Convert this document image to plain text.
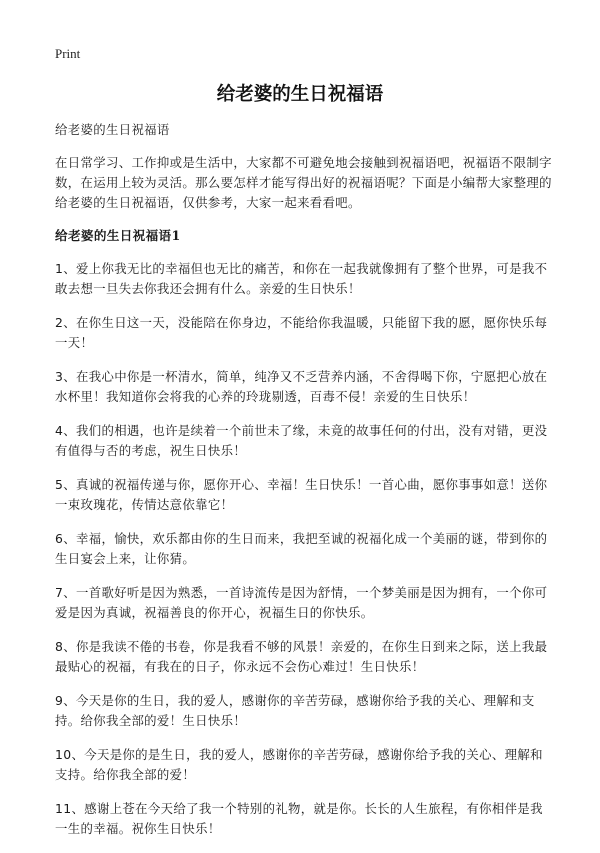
Print
给老婆的生日祝福语

给老婆的生日祝福语

在日常学习、工作抑或是生活中，大家都不可避免地会接触到祝福语吧，祝福语不限制字数，在运用上较为灵活。那么要怎样才能写得出好的祝福语呢？下面是小编帮大家整理的给老婆的生日祝福语，仅供参考，大家一起来看看吧。

给老婆的生日祝福语1

1、爱上你我无比的幸福但也无比的痛苦，和你在一起我就像拥有了整个世界，可是我不敢去想一旦失去你我还会拥有什么。亲爱的生日快乐！

2、在你生日这一天，没能陪在你身边，不能给你我温暖，只能留下我的愿，愿你快乐每一天！

3、在我心中你是一杯清水，简单，纯净又不乏营养内涵，不舍得喝下你，宁愿把心放在水杯里！我知道你会将我的心养的玲珑剔透，百毒不侵！亲爱的生日快乐！

4、我们的相遇，也许是续着一个前世未了缘，未竟的故事任何的付出，没有对错，更没有值得与否的考虑，祝生日快乐！

5、真诚的祝福传递与你，愿你开心、幸福！生日快乐！一首心曲，愿你事事如意！送你一束玫瑰花，传情达意依靠它！

6、幸福，愉快，欢乐都由你的生日而来，我把至诚的祝福化成一个美丽的谜，带到你的生日宴会上来，让你猜。

7、一首歌好听是因为熟悉，一首诗流传是因为舒情，一个梦美丽是因为拥有，一个你可爱是因为真诚，祝福善良的你开心，祝福生日的你快乐。

8、你是我读不倦的书卷，你是我看不够的风景！亲爱的，在你生日到来之际，送上我最最贴心的祝福，有我在的日子，你永远不会伤心难过！生日快乐！

9、今天是你的生日，我的爱人，感谢你的辛苦劳碌，感谢你给予我的关心、理解和支持。给你我全部的爱！生日快乐！

10、今天是你的是生日，我的爱人，感谢你的辛苦劳碌，感谢你给予我的关心、理解和支持。给你我全部的爱！

11、感谢上苍在今天给了我一个特别的礼物，就是你。长长的人生旅程，有你相伴是我一生的幸福。祝你生日快乐！
